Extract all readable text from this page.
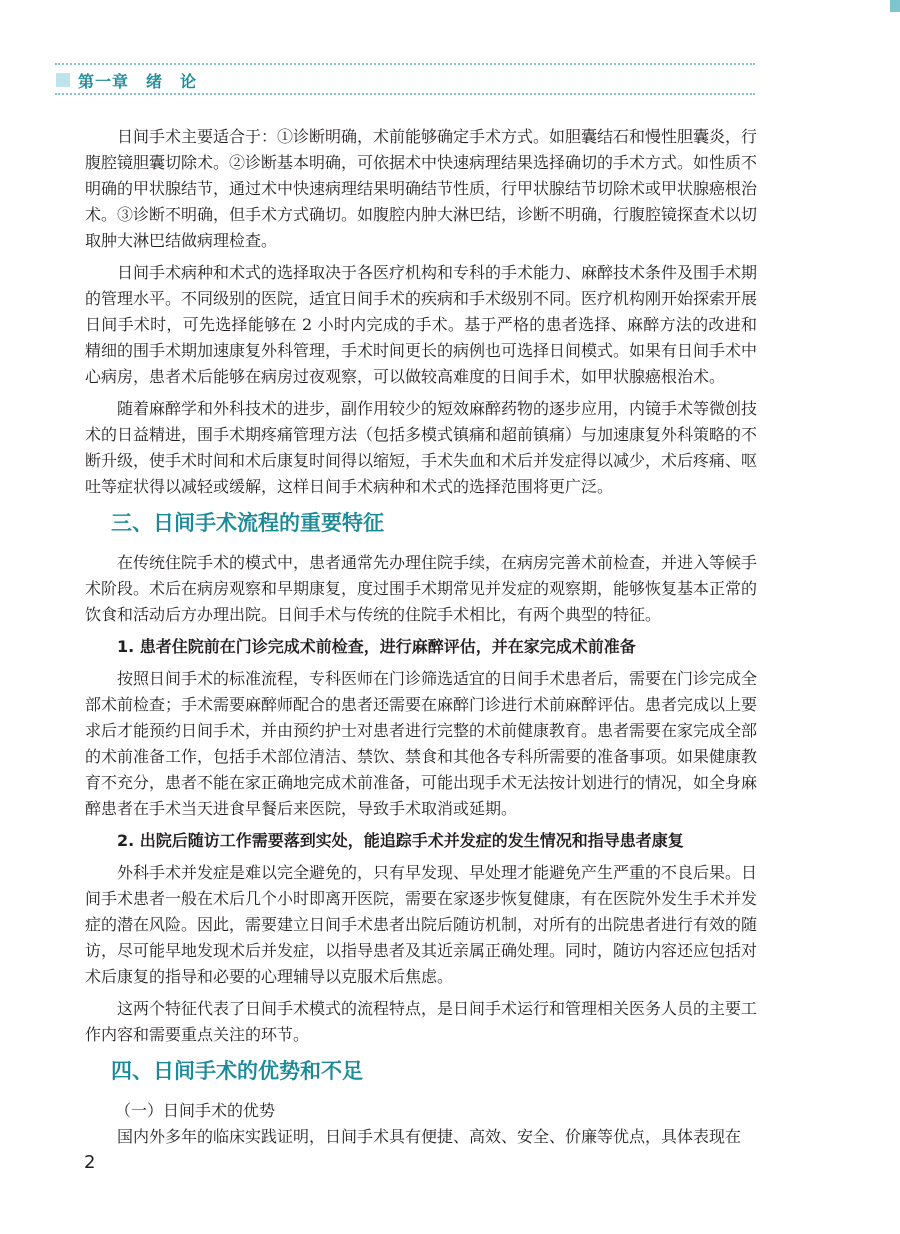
第一章　绪　论

日间手术主要适合于：①诊断明确，术前能够确定手术方式。如胆囊结石和慢性胆囊炎，行腹腔镜胆囊切除术。②诊断基本明确，可依据术中快速病理结果选择确切的手术方式。如性质不明确的甲状腺结节，通过术中快速病理结果明确结节性质，行甲状腺结节切除术或甲状腺癌根治术。③诊断不明确，但手术方式确切。如腹腔内肿大淋巴结，诊断不明确，行腹腔镜探查术以切取肿大淋巴结做病理检查。

日间手术病种和术式的选择取决于各医疗机构和专科的手术能力、麻醉技术条件及围手术期的管理水平。不同级别的医院，适宜日间手术的疾病和手术级别不同。医疗机构刚开始探索开展日间手术时，可先选择能够在 2 小时内完成的手术。基于严格的患者选择、麻醉方法的改进和精细的围手术期加速康复外科管理，手术时间更长的病例也可选择日间模式。如果有日间手术中心病房，患者术后能够在病房过夜观察，可以做较高难度的日间手术，如甲状腺癌根治术。

随着麻醉学和外科技术的进步，副作用较少的短效麻醉药物的逐步应用，内镜手术等微创技术的日益精进，围手术期疼痛管理方法（包括多模式镇痛和超前镇痛）与加速康复外科策略的不断升级，使手术时间和术后康复时间得以缩短，手术失血和术后并发症得以减少，术后疼痛、呕吐等症状得以减轻或缓解，这样日间手术病种和术式的选择范围将更广泛。

三、日间手术流程的重要特征

在传统住院手术的模式中，患者通常先办理住院手续，在病房完善术前检查，并进入等候手术阶段。术后在病房观察和早期康复，度过围手术期常见并发症的观察期，能够恢复基本正常的饮食和活动后方办理出院。日间手术与传统的住院手术相比，有两个典型的特征。

1. 患者住院前在门诊完成术前检查，进行麻醉评估，并在家完成术前准备

按照日间手术的标准流程，专科医师在门诊筛选适宜的日间手术患者后，需要在门诊完成全部术前检查；手术需要麻醉师配合的患者还需要在麻醉门诊进行术前麻醉评估。患者完成以上要求后才能预约日间手术，并由预约护士对患者进行完整的术前健康教育。患者需要在家完成全部的术前准备工作，包括手术部位清洁、禁饮、禁食和其他各专科所需要的准备事项。如果健康教育不充分，患者不能在家正确地完成术前准备，可能出现手术无法按计划进行的情况，如全身麻醉患者在手术当天进食早餐后来医院，导致手术取消或延期。

2. 出院后随访工作需要落到实处，能追踪手术并发症的发生情况和指导患者康复

外科手术并发症是难以完全避免的，只有早发现、早处理才能避免产生严重的不良后果。日间手术患者一般在术后几个小时即离开医院，需要在家逐步恢复健康，有在医院外发生手术并发症的潜在风险。因此，需要建立日间手术患者出院后随访机制，对所有的出院患者进行有效的随访，尽可能早地发现术后并发症，以指导患者及其近亲属正确处理。同时，随访内容还应包括对术后康复的指导和必要的心理辅导以克服术后焦虑。

这两个特征代表了日间手术模式的流程特点，是日间手术运行和管理相关医务人员的主要工作内容和需要重点关注的环节。

四、日间手术的优势和不足

（一）日间手术的优势

国内外多年的临床实践证明，日间手术具有便捷、高效、安全、价廉等优点，具体表现在

2
